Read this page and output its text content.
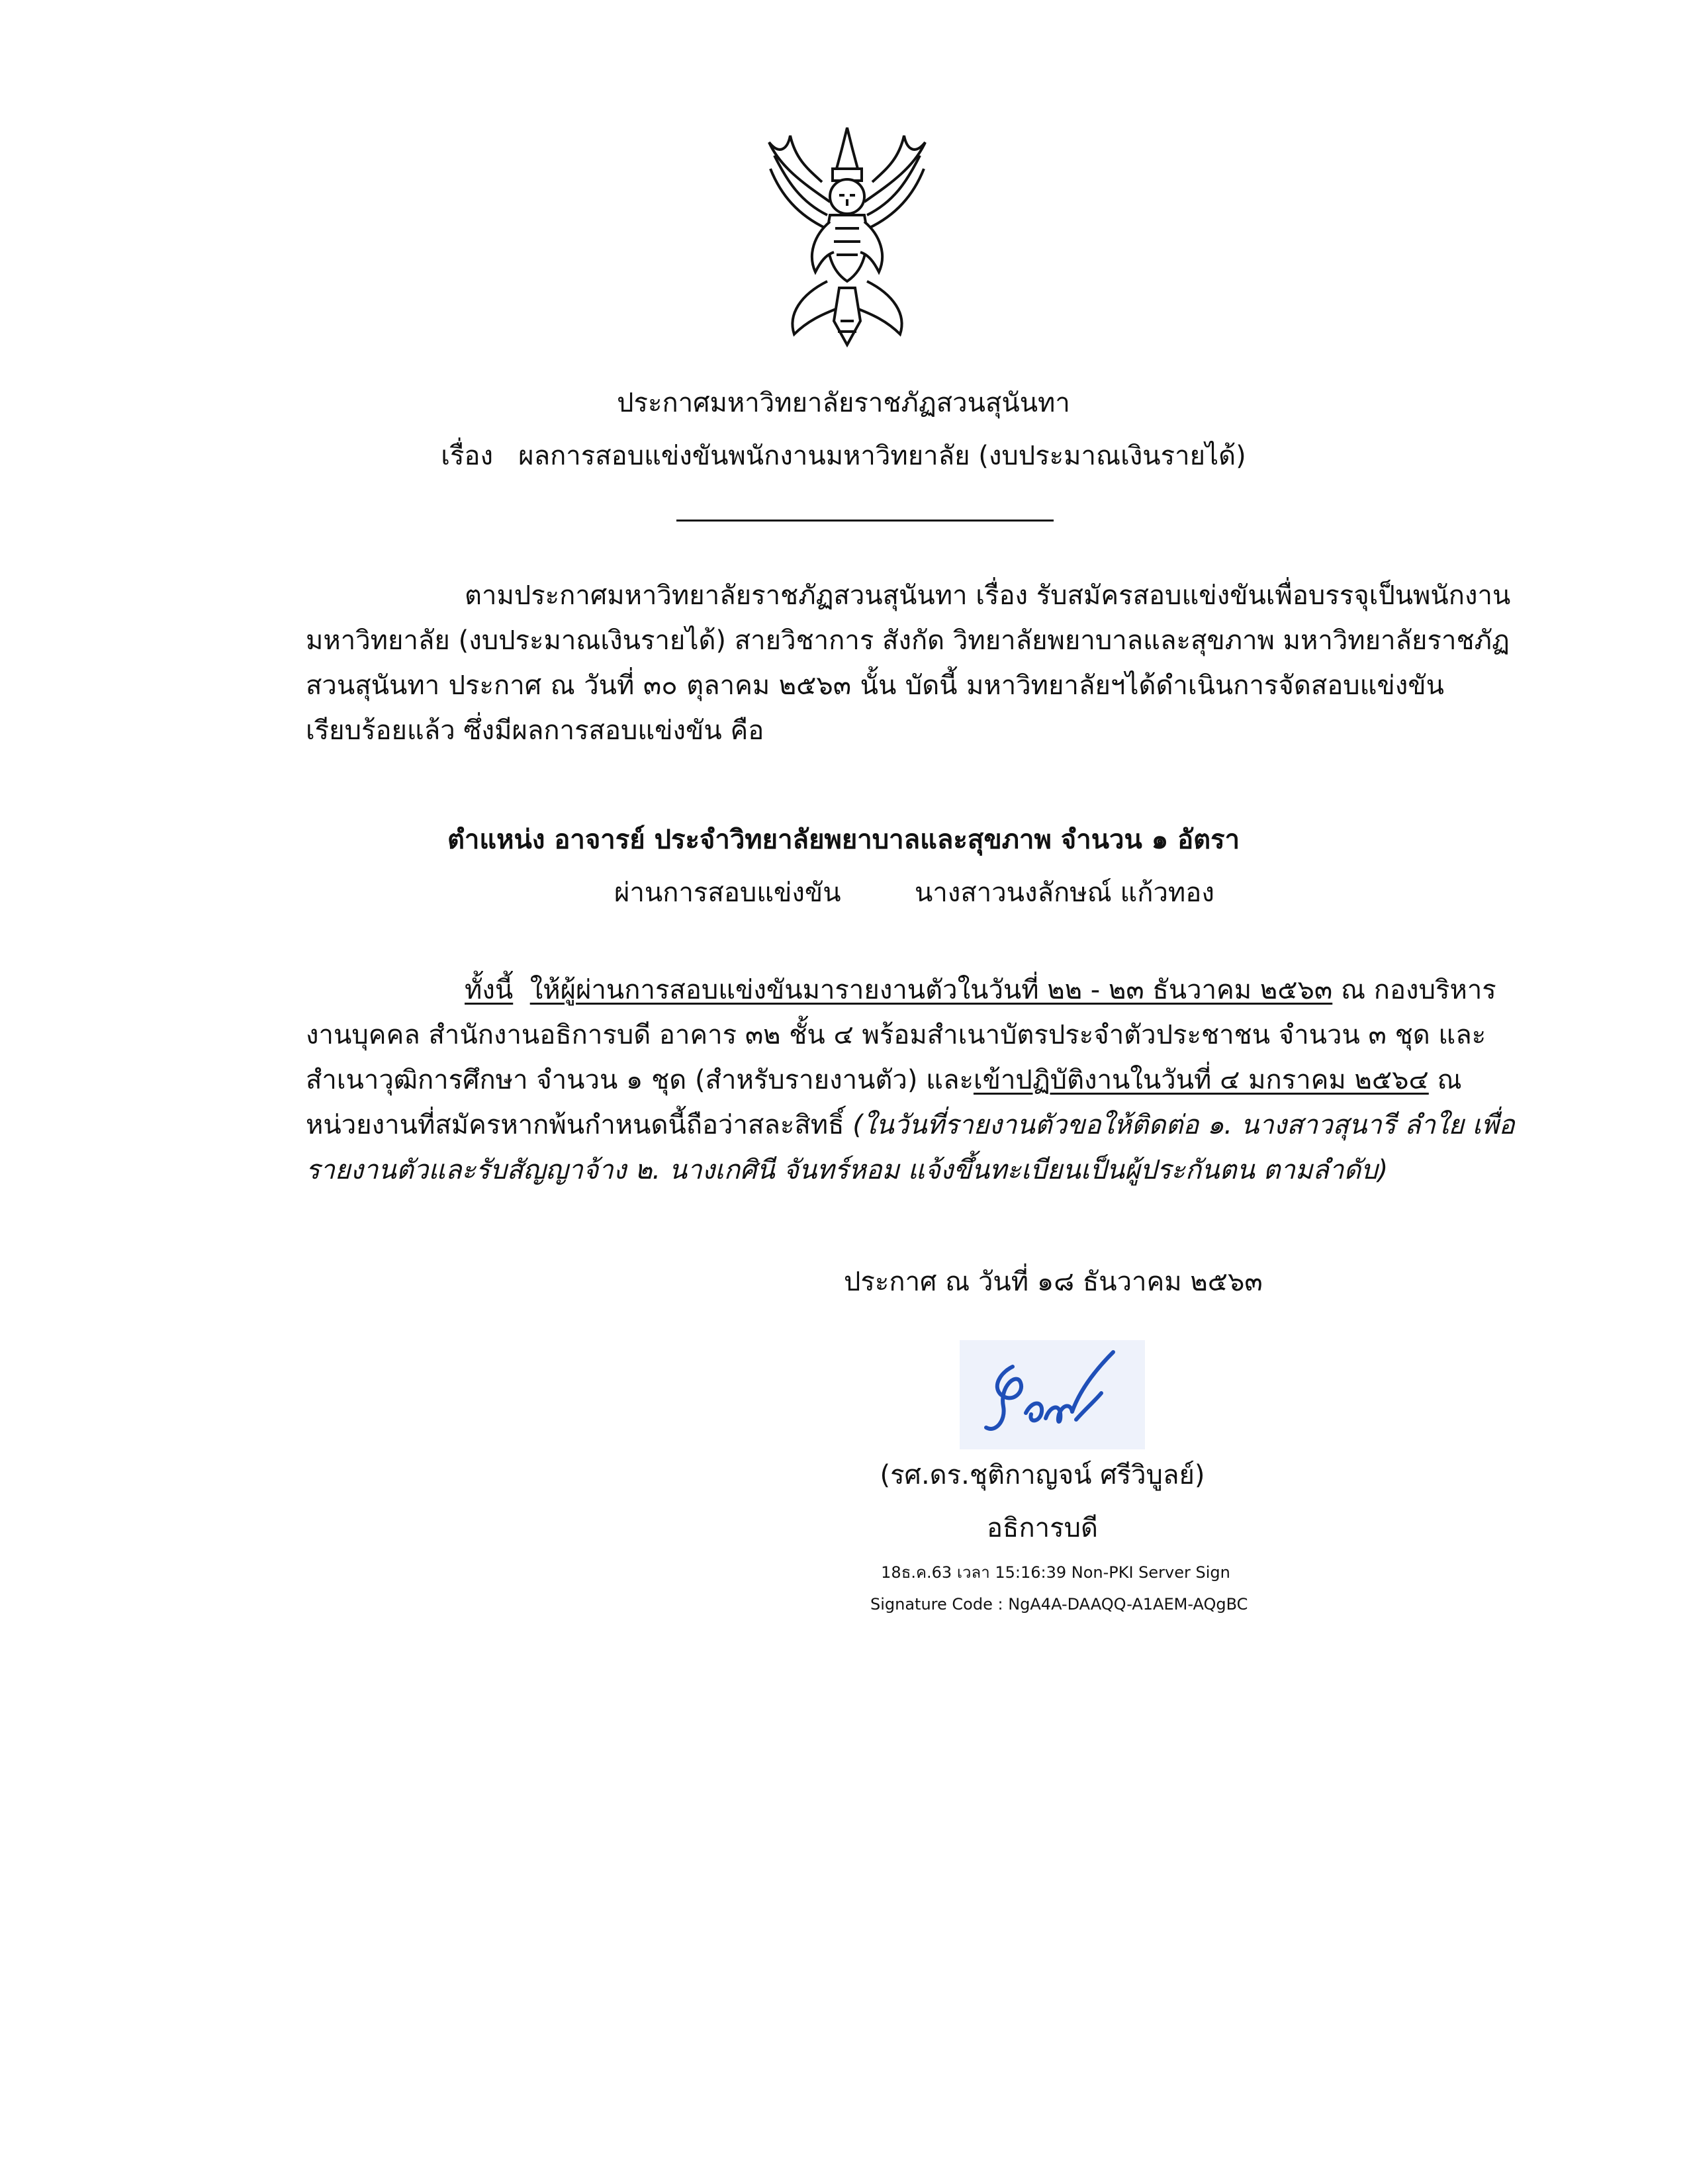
ประกาศมหาวิทยาลัยราชภัฏสวนสุนันทา
เรื่อง ผลการสอบแข่งขันพนักงานมหาวิทยาลัย (งบประมาณเงินรายได้)
ตามประกาศมหาวิทยาลัยราชภัฏสวนสุนันทา เรื่อง รับสมัครสอบแข่งขันเพื่อบรรจุเป็นพนักงาน
มหาวิทยาลัย (งบประมาณเงินรายได้) สายวิชาการ สังกัด วิทยาลัยพยาบาลและสุขภาพ มหาวิทยาลัยราชภัฏ
สวนสุนันทา ประกาศ ณ วันที่ ๓๐ ตุลาคม ๒๕๖๓ นั้น บัดนี้ มหาวิทยาลัยฯได้ดำเนินการจัดสอบแข่งขัน
เรียบร้อยแล้ว ซึ่งมีผลการสอบแข่งขัน คือ
ตำแหน่ง อาจารย์ ประจำวิทยาลัยพยาบาลและสุขภาพ จำนวน ๑ อัตรา
ผ่านการสอบแข่งขัน	นางสาวนงลักษณ์ แก้วทอง
ทั้งนี้ ให้ผู้ผ่านการสอบแข่งขันมารายงานตัวในวันที่ ๒๒ - ๒๓ ธันวาคม ๒๕๖๓ ณ กองบริหาร
งานบุคคล สำนักงานอธิการบดี อาคาร ๓๒ ชั้น ๔ พร้อมสำเนาบัตรประจำตัวประชาชน จำนวน ๓ ชุด และ
สำเนาวุฒิการศึกษา จำนวน ๑ ชุด (สำหรับรายงานตัว) และเข้าปฏิบัติงานในวันที่ ๔ มกราคม ๒๕๖๔ ณ
หน่วยงานที่สมัครหากพ้นกำหนดนี้ถือว่าสละสิทธิ์ (ในวันที่รายงานตัวขอให้ติดต่อ ๑. นางสาวสุนารี ลำใย เพื่อ
รายงานตัวและรับสัญญาจ้าง ๒. นางเกศินี จันทร์หอม แจ้งขึ้นทะเบียนเป็นผู้ประกันตน ตามลำดับ)
ประกาศ ณ วันที่ ๑๘ ธันวาคม ๒๕๖๓
(รศ.ดร.ชุติกาญจน์ ศรีวิบูลย์)
อธิการบดี
18ธ.ค.63 เวลา 15:16:39 Non-PKI Server Sign
Signature Code : NgA4A-DAAQQ-A1AEM-AQgBC
